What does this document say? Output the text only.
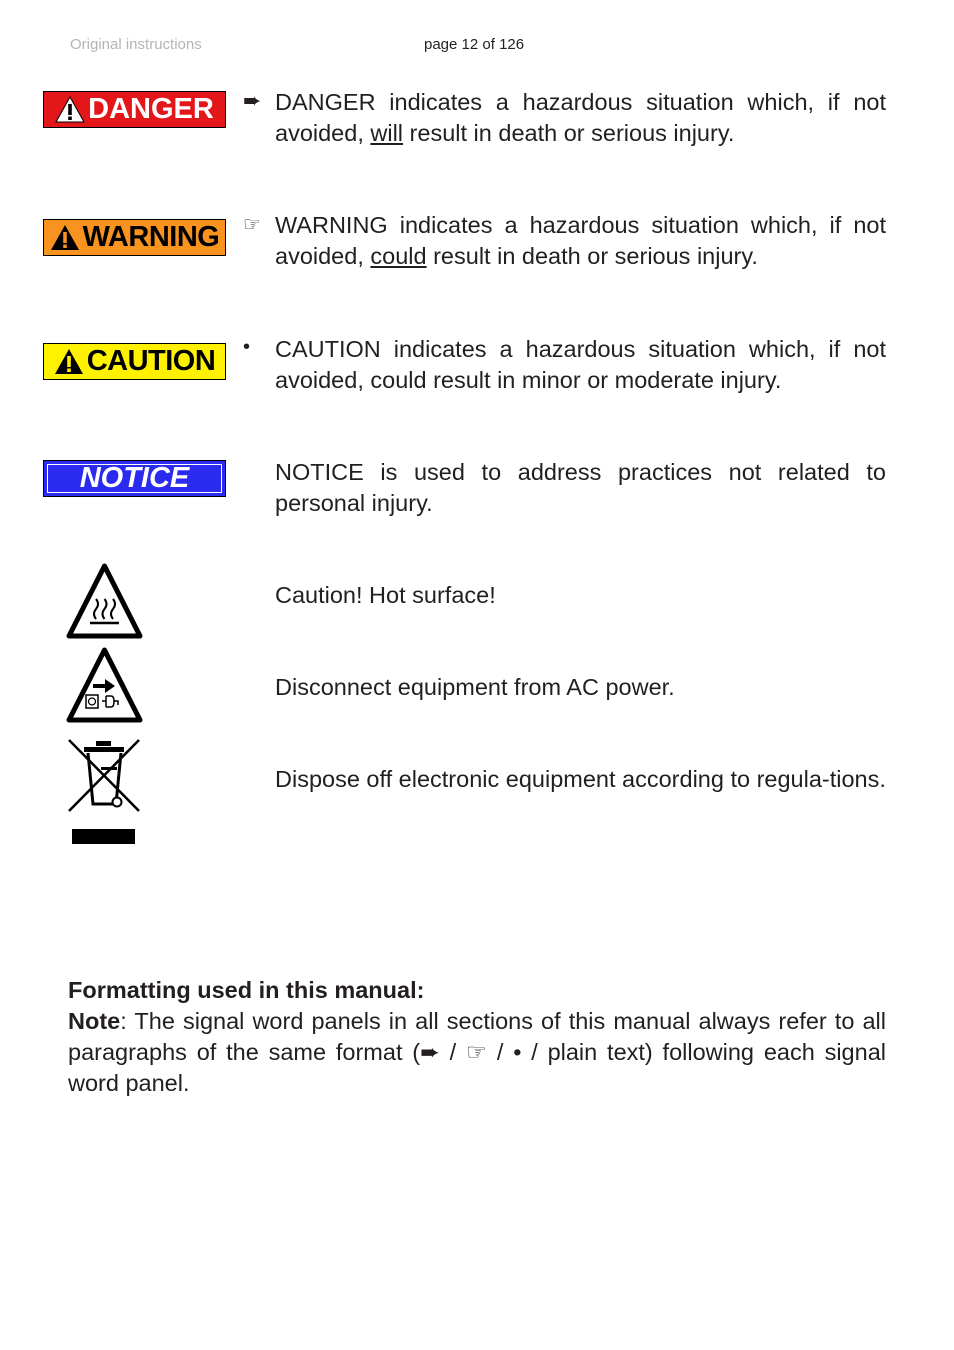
Original instructions	page 12 of 126
DANGER ➨ DANGER indicates a hazardous situation which, if not avoided, will result in death or serious injury.
WARNING ☞ WARNING indicates a hazardous situation which, if not avoided, could result in death or serious injury.
CAUTION • CAUTION indicates a hazardous situation which, if not avoided, could result in minor or moderate injury.
NOTICE	NOTICE is used to address practices not related to personal injury.
Caution! Hot surface!
Disconnect equipment from AC power.
Dispose off electronic equipment according to regula-tions.
Formatting used in this manual:
Note: The signal word panels in all sections of this manual always refer to all paragraphs of the same format (➨ / ☞ / • / plain text) following each signal word panel.
